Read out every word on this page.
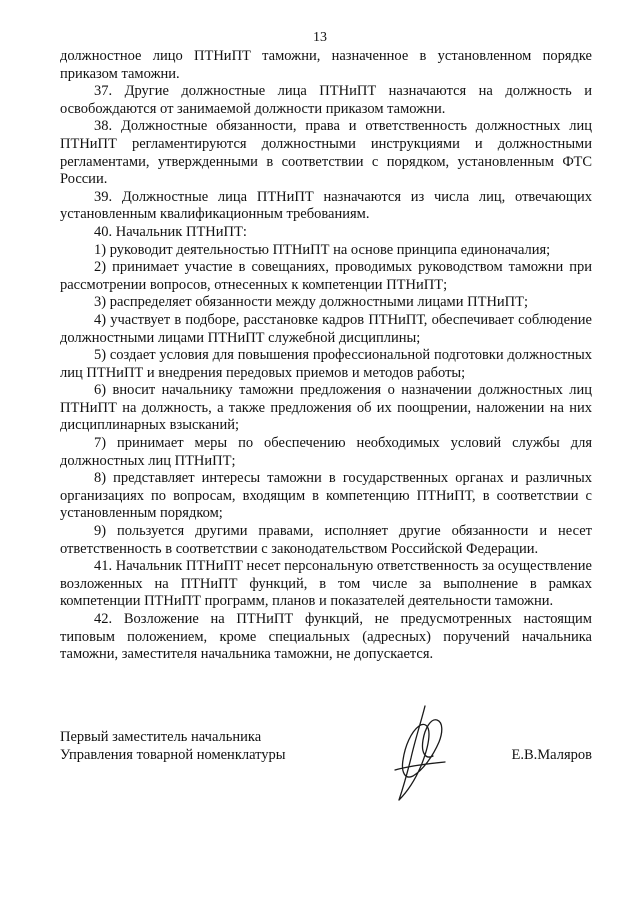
13

должностное лицо ПТНиПТ таможни, назначенное в установленном порядке приказом таможни.

37. Другие должностные лица ПТНиПТ назначаются на должность и освобождаются от занимаемой должности приказом таможни.

38. Должностные обязанности, права и ответственность должностных лиц ПТНиПТ регламентируются должностными инструкциями и должностными регламентами, утвержденными в соответствии с порядком, установленным ФТС России.

39. Должностные лица ПТНиПТ назначаются из числа лиц, отвечающих установленным квалификационным требованиям.

40. Начальник ПТНиПТ:

1) руководит деятельностью ПТНиПТ на основе принципа единоначалия;

2) принимает участие в совещаниях, проводимых руководством таможни при рассмотрении вопросов, отнесенных к компетенции ПТНиПТ;

3) распределяет обязанности между должностными лицами ПТНиПТ;

4) участвует в подборе, расстановке кадров ПТНиПТ, обеспечивает соблюдение должностными лицами ПТНиПТ служебной дисциплины;

5) создает условия для повышения профессиональной подготовки должностных лиц ПТНиПТ и внедрения передовых приемов и методов работы;

6) вносит начальнику таможни предложения о назначении должностных лиц ПТНиПТ на должность, а также предложения об их поощрении, наложении на них дисциплинарных взысканий;

7) принимает меры по обеспечению необходимых условий службы для должностных лиц ПТНиПТ;

8) представляет интересы таможни в государственных органах и различных организациях по вопросам, входящим в компетенцию ПТНиПТ, в соответствии с установленным порядком;

9) пользуется другими правами, исполняет другие обязанности и несет ответственность в соответствии с законодательством Российской Федерации.

41. Начальник ПТНиПТ несет персональную ответственность за осуществление возложенных на ПТНиПТ функций, в том числе за выполнение в рамках компетенции ПТНиПТ программ, планов и показателей деятельности таможни.

42. Возложение на ПТНиПТ функций, не предусмотренных настоящим типовым положением, кроме специальных (адресных) поручений начальника таможни, заместителя начальника таможни, не допускается.

Первый заместитель начальника
Управления товарной номенклатуры	Е.В.Маляров
